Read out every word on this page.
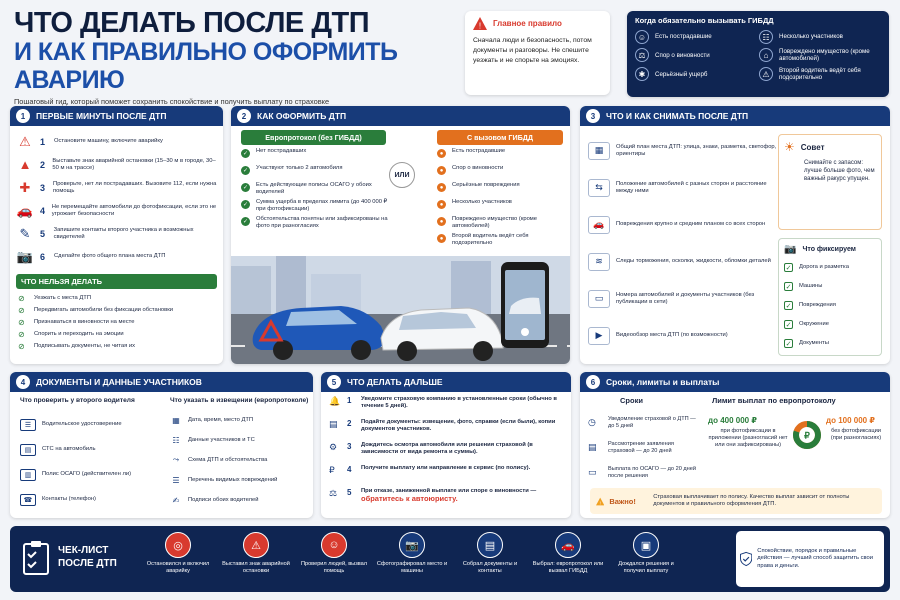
ЧТО ДЕЛАТЬ ПОСЛЕ ДТП
И КАК ПРАВИЛЬНО ОФОРМИТЬ АВАРИЮ
Пошаговый гид, который поможет сохранить спокойствие и получить выплату по страховке
! Главное правило
Сначала люди и безопасность, потом документы и разговоры. Не спешите уезжать и не спорьте на эмоциях.
Когда обязательно вызывать ГИБДД
☺	Есть пострадавшие	☷	Несколько участников
⚖	Спор о виновности	⌂	Повреждено имущество (кроме автомобилей)
✱	Серьёзный ущерб	⚠	Второй водитель ведёт себя подозрительно
1	ПЕРВЫЕ МИНУТЫ ПОСЛЕ ДТП
⚠	1	Остановите машину, включите аварийку
▲ 2 Выставьте знак аварийной остановки (15–30 м в городе, 30–50 м на трассе)
✚	3	Проверьте, нет ли пострадавших. Вызовите 112, если нужна помощь
🚗 4 Не перемещайте автомобили до фотофиксации, если это не угрожает безопасности
✎	5	Запишите контакты второго участника и возможных свидетелей
📷 6	Сделайте фото общего плана места ДТП
ЧТО НЕЛЬЗЯ ДЕЛАТЬ
⊘	Уезжать с места ДТП
⊘	Передвигать автомобили без фиксации обстановки
⊘	Признаваться в виновности на месте
⊘	Спорить и переходить на эмоции
⊘	Подписывать документы, не читая их
2	КАК ОФОРМИТЬ ДТП
Европротокол (без ГИБДД)
✓	Нет пострадавших
✓	Участвуют только 2 автомобиля
✓	Есть действующие полисы ОСАГО у обоих водителей
✓	Сумма ущерба в пределах лимита (до 400 000 ₽ при фотофиксации)
✓	Обстоятельства понятны или зафиксированы на фото при разногласиях
ИЛИ
С вызовом ГИБДД
●	Есть пострадавшие
●	Спор о виновности
●	Серьёзные повреждения
●	Несколько участников
●	Повреждено имущество (кроме автомобилей)
●	Второй водитель ведёт себя подозрительно
3	ЧТО И КАК СНИМАТЬ ПОСЛЕ ДТП
▦	Общий план места ДТП: улица, знаки, разметка, светофор, ориентиры
⇆	Положение автомобилей с разных сторон и расстояние между ними
🚗	Повреждения крупно и средним планом со всех сторон
≋	Следы торможения, осколки, жидкости, обломки деталей
▭	Номера автомобилей и документы участников (без публикации в сети)
▶	Видеообзор места ДТП (по возможности)
☀ Совет
Снимайте с запасом: лучше больше фото, чем важный ракурс упущен.
📷 Что фиксируем
✓ Дорога и разметка
✓ Машины
✓ Повреждения
✓ Окружение
✓ Документы
4	ДОКУМЕНТЫ И ДАННЫЕ УЧАСТНИКОВ
Что проверить у второго водителя
☰	Водительское удостоверение
▤	СТС на автомобиль
▥	Полис ОСАГО (действителен ли)
☎	Контакты (телефон)
Что указать в извещении (европротоколе)
▦	Дата, время, место ДТП
☷	Данные участников и ТС
⤳	Схема ДТП и обстоятельства
☰	Перечень видимых повреждений
✍	Подписи обоих водителей
5	ЧТО ДЕЛАТЬ ДАЛЬШЕ
🔔 1	Уведомите страховую компанию в установленные сроки (обычно в течение 5 дней).
▤	2	Подайте документы: извещение, фото, справки (если были), копии документов участников.
⚙	3	Дождитесь осмотра автомобиля или решения страховой (в зависимости от вида ремонта и суммы).
₽	4	Получите выплату или направление в сервис (по полису).
⚖	5	При отказе, заниженной выплате или споре о виновности — обратитесь к автоюристу.
6	Сроки, лимиты и выплаты
Сроки
◷	Уведомление страховой о ДТП — до 5 дней
▤	Рассмотрение заявления страховой — до 20 дней
▭	Выплата по ОСАГО — до 20 дней после решения
Лимит выплат по европротоколу
до 400 000 ₽
при фотофиксации в приложении (разногласий нет или они зафиксированы)
₽
до 100 000 ₽
без фотофиксации (при разногласиях)
! Важно!	Страховая выплачивает по полису. Качество выплат зависит от полноты документов и правильного оформления ДТП.
ЧЕК-ЛИСТ
ПОСЛЕ ДТП
◎
Остановился и включил аварийку
⚠
Выставил знак аварийной остановки
☺
Проверил людей, вызвал помощь
📷
Сфотографировал место и машины
▤
Собрал документы и контакты
🚗
Выбрал: европротокол или вызвал ГИБДД
▣
Дождался решения и получил выплату
Спокойствие, порядок и правильные действия — лучший способ защитить свои права и деньги.
